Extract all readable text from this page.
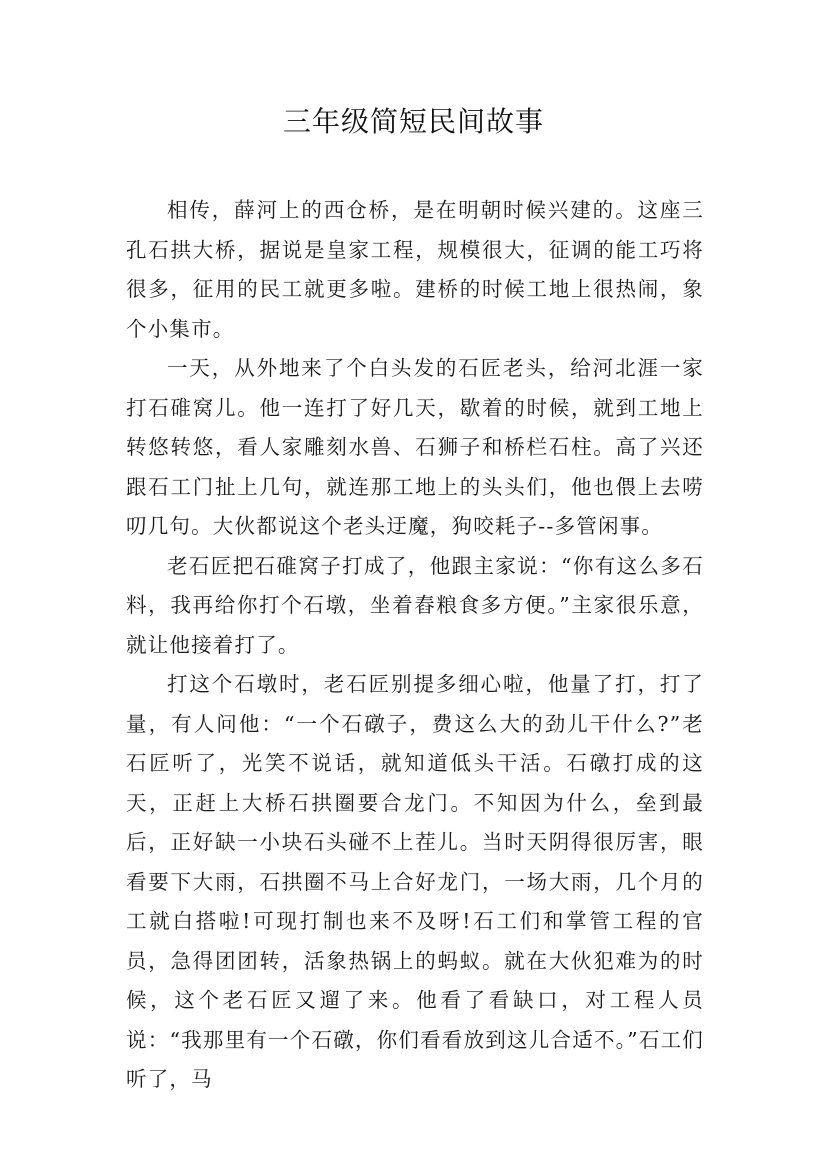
三年级简短民间故事

相传，薛河上的西仓桥，是在明朝时候兴建的。这座三孔石拱大桥，据说是皇家工程，规模很大，征调的能工巧将很多，征用的民工就更多啦。建桥的时候工地上很热闹，象个小集市。

一天，从外地来了个白头发的石匠老头，给河北涯一家打石碓窝儿。他一连打了好几天，歇着的时候，就到工地上转悠转悠，看人家雕刻水兽、石狮子和桥栏石柱。高了兴还跟石工门扯上几句，就连那工地上的头头们，他也偎上去唠叨几句。大伙都说这个老头迂魔，狗咬耗子--多管闲事。

老石匠把石碓窝子打成了，他跟主家说：“你有这么多石料，我再给你打个石墩，坐着舂粮食多方便。”主家很乐意，就让他接着打了。

打这个石墩时，老石匠别提多细心啦，他量了打，打了量，有人问他：“一个石礅子，费这么大的劲儿干什么?”老石匠听了，光笑不说话，就知道低头干活。石礅打成的这天，正赶上大桥石拱圈要合龙门。不知因为什么，垒到最后，正好缺一小块石头碰不上茬儿。当时天阴得很厉害，眼看要下大雨，石拱圈不马上合好龙门，一场大雨，几个月的工就白搭啦!可现打制也来不及呀!石工们和掌管工程的官员，急得团团转，活象热锅上的蚂蚁。就在大伙犯难为的时候，这个老石匠又遛了来。他看了看缺口，对工程人员说：“我那里有一个石礅，你们看看放到这儿合适不。”石工们听了，马
